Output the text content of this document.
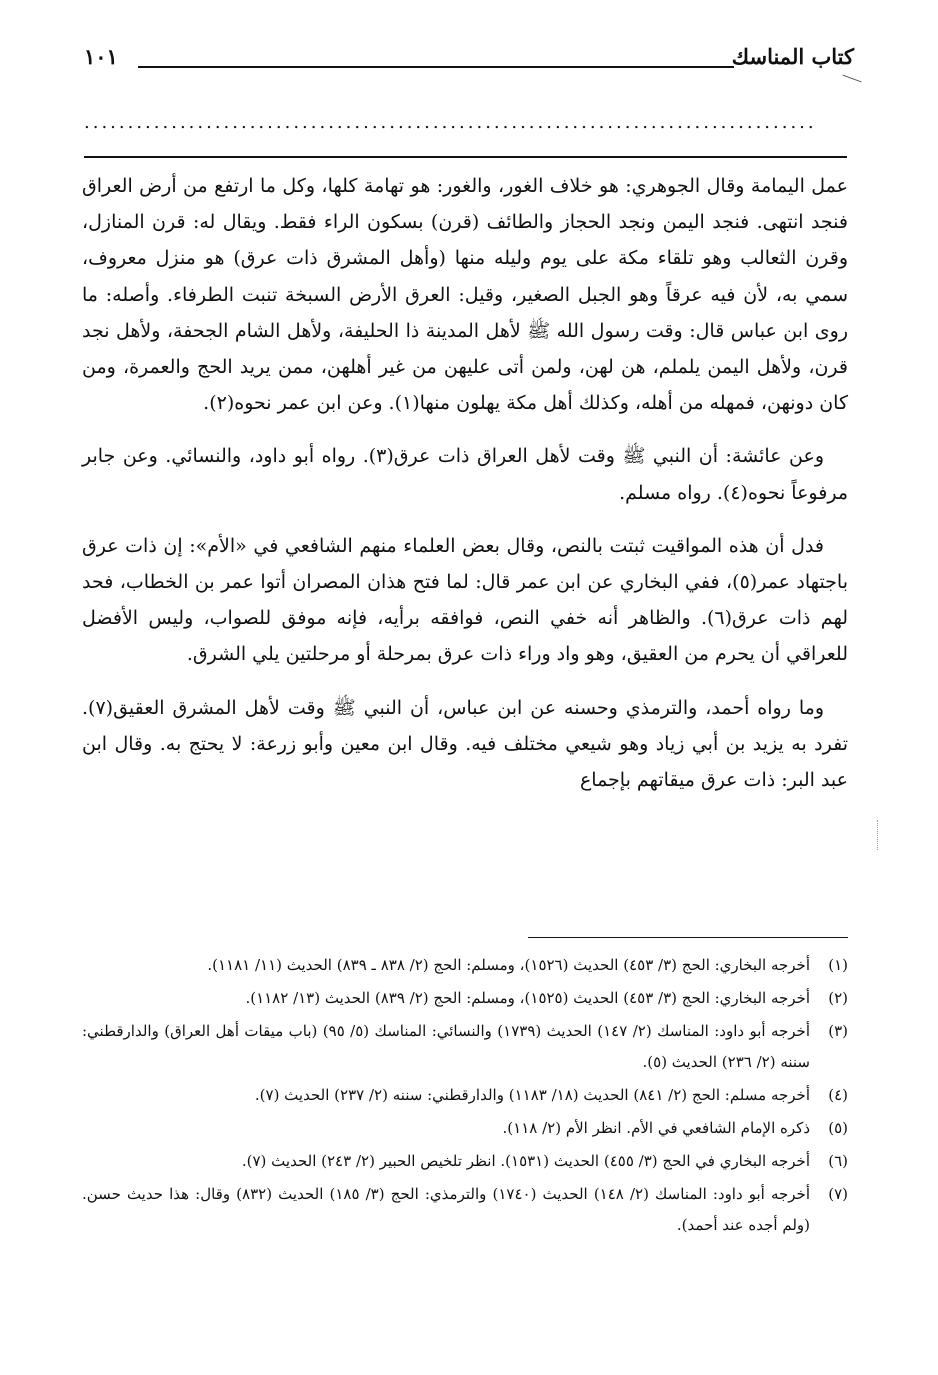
كتاب المناسك
١٠١
....................................................................................

عمل اليمامة وقال الجوهري: هو خلاف الغور، والغور: هو تهامة كلها، وكل ما ارتفع من أرض العراق فنجد انتهى. فنجد اليمن ونجد الحجاز والطائف (قرن) بسكون الراء فقط. ويقال له: قرن المنازل، وقرن الثعالب وهو تلقاء مكة على يوم وليله منها (وأهل المشرق ذات عرق) هو منزل معروف، سمي به، لأن فيه عرقاً وهو الجبل الصغير، وقيل: العرق الأرض السبخة تنبت الطرفاء. وأصله: ما روى ابن عباس قال: وقت رسول الله ﷺ لأهل المدينة ذا الحليفة، ولأهل الشام الجحفة، ولأهل نجد قرن، ولأهل اليمن يلملم، هن لهن، ولمن أتى عليهن من غير أهلهن، ممن يريد الحج والعمرة، ومن كان دونهن، فمهله من أهله، وكذلك أهل مكة يهلون منها(١). وعن ابن عمر نحوه(٢).

وعن عائشة: أن النبي ﷺ وقت لأهل العراق ذات عرق(٣). رواه أبو داود، والنسائي. وعن جابر مرفوعاً نحوه(٤). رواه مسلم.

فدل أن هذه المواقيت ثبتت بالنص، وقال بعض العلماء منهم الشافعي في «الأم»: إن ذات عرق باجتهاد عمر(٥)، ففي البخاري عن ابن عمر قال: لما فتح هذان المصران أتوا عمر بن الخطاب، فحد لهم ذات عرق(٦). والظاهر أنه خفي النص، فوافقه برأيه، فإنه موفق للصواب، وليس الأفضل للعراقي أن يحرم من العقيق، وهو واد وراء ذات عرق بمرحلة أو مرحلتين يلي الشرق.

وما رواه أحمد، والترمذي وحسنه عن ابن عباس، أن النبي ﷺ وقت لأهل المشرق العقيق(٧). تفرد به يزيد بن أبي زياد وهو شيعي مختلف فيه. وقال ابن معين وأبو زرعة: لا يحتج به. وقال ابن عبد البر: ذات عرق ميقاتهم بإجماع

(١)
أخرجه البخاري: الحج (٣/ ٤٥٣) الحديث (١٥٢٦)، ومسلم: الحج (٢/ ٨٣٨ ـ ٨٣٩) الحديث (١١/ ١١٨١).
(٢)
أخرجه البخاري: الحج (٣/ ٤٥٣) الحديث (١٥٢٥)، ومسلم: الحج (٢/ ٨٣٩) الحديث (١٣/ ١١٨٢).
(٣)
أخرجه أبو داود: المناسك (٢/ ١٤٧) الحديث (١٧٣٩) والنسائي: المناسك (٥/ ٩٥) (باب ميقات أهل العراق) والدارقطني: سننه (٢/ ٢٣٦) الحديث (٥).
(٤)
أخرجه مسلم: الحج (٢/ ٨٤١) الحديث (١٨/ ١١٨٣) والدارقطني: سننه (٢/ ٢٣٧) الحديث (٧).
(٥)
ذكره الإمام الشافعي في الأم. انظر الأم (٢/ ١١٨).
(٦)
أخرجه البخاري في الحج (٣/ ٤٥٥) الحديث (١٥٣١). انظر تلخيص الحبير (٢/ ٢٤٣) الحديث (٧).
(٧)
أخرجه أبو داود: المناسك (٢/ ١٤٨) الحديث (١٧٤٠) والترمذي: الحج (٣/ ١٨٥) الحديث (٨٣٢) وقال: هذا حديث حسن. (ولم أجده عند أحمد).
